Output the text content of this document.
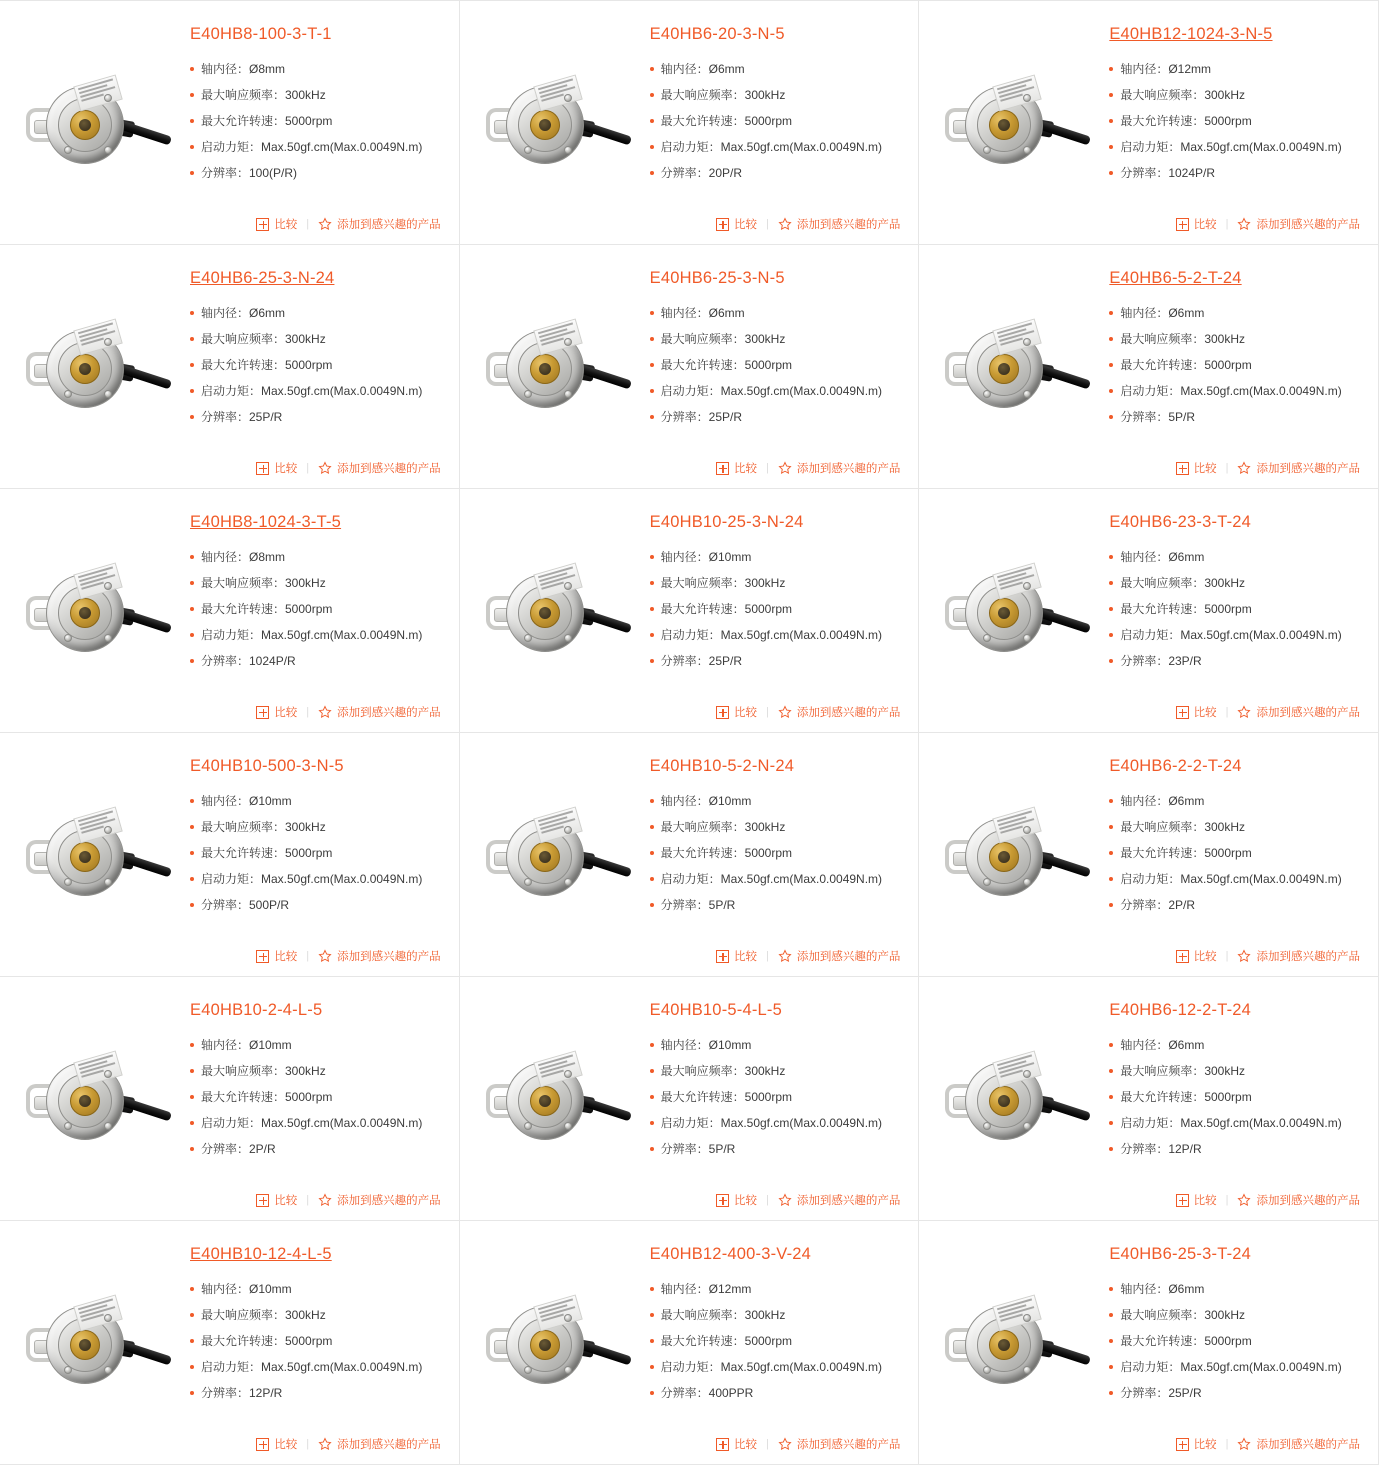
E40HB8-100-3-T-1
轴内径：Ø8mm
最大响应频率：300kHz
最大允许转速：5000rpm
启动力矩：Max.50gf.cm(Max.0.0049N.m)
分辨率：100(P/R)
比较 | 添加到感兴趣的产品
E40HB6-20-3-N-5
轴内径：Ø6mm
最大响应频率：300kHz
最大允许转速：5000rpm
启动力矩：Max.50gf.cm(Max.0.0049N.m)
分辨率：20P/R
比较 | 添加到感兴趣的产品
E40HB12-1024-3-N-5
轴内径：Ø12mm
最大响应频率：300kHz
最大允许转速：5000rpm
启动力矩：Max.50gf.cm(Max.0.0049N.m)
分辨率：1024P/R
比较 | 添加到感兴趣的产品
E40HB6-25-3-N-24
轴内径：Ø6mm
最大响应频率：300kHz
最大允许转速：5000rpm
启动力矩：Max.50gf.cm(Max.0.0049N.m)
分辨率：25P/R
比较 | 添加到感兴趣的产品
E40HB6-25-3-N-5
轴内径：Ø6mm
最大响应频率：300kHz
最大允许转速：5000rpm
启动力矩：Max.50gf.cm(Max.0.0049N.m)
分辨率：25P/R
比较 | 添加到感兴趣的产品
E40HB6-5-2-T-24
轴内径：Ø6mm
最大响应频率：300kHz
最大允许转速：5000rpm
启动力矩：Max.50gf.cm(Max.0.0049N.m)
分辨率：5P/R
比较 | 添加到感兴趣的产品
E40HB8-1024-3-T-5
轴内径：Ø8mm
最大响应频率：300kHz
最大允许转速：5000rpm
启动力矩：Max.50gf.cm(Max.0.0049N.m)
分辨率：1024P/R
比较 | 添加到感兴趣的产品
E40HB10-25-3-N-24
轴内径：Ø10mm
最大响应频率：300kHz
最大允许转速：5000rpm
启动力矩：Max.50gf.cm(Max.0.0049N.m)
分辨率：25P/R
比较 | 添加到感兴趣的产品
E40HB6-23-3-T-24
轴内径：Ø6mm
最大响应频率：300kHz
最大允许转速：5000rpm
启动力矩：Max.50gf.cm(Max.0.0049N.m)
分辨率：23P/R
比较 | 添加到感兴趣的产品
E40HB10-500-3-N-5
轴内径：Ø10mm
最大响应频率：300kHz
最大允许转速：5000rpm
启动力矩：Max.50gf.cm(Max.0.0049N.m)
分辨率：500P/R
比较 | 添加到感兴趣的产品
E40HB10-5-2-N-24
轴内径：Ø10mm
最大响应频率：300kHz
最大允许转速：5000rpm
启动力矩：Max.50gf.cm(Max.0.0049N.m)
分辨率：5P/R
比较 | 添加到感兴趣的产品
E40HB6-2-2-T-24
轴内径：Ø6mm
最大响应频率：300kHz
最大允许转速：5000rpm
启动力矩：Max.50gf.cm(Max.0.0049N.m)
分辨率：2P/R
比较 | 添加到感兴趣的产品
E40HB10-2-4-L-5
轴内径：Ø10mm
最大响应频率：300kHz
最大允许转速：5000rpm
启动力矩：Max.50gf.cm(Max.0.0049N.m)
分辨率：2P/R
比较 | 添加到感兴趣的产品
E40HB10-5-4-L-5
轴内径：Ø10mm
最大响应频率：300kHz
最大允许转速：5000rpm
启动力矩：Max.50gf.cm(Max.0.0049N.m)
分辨率：5P/R
比较 | 添加到感兴趣的产品
E40HB6-12-2-T-24
轴内径：Ø6mm
最大响应频率：300kHz
最大允许转速：5000rpm
启动力矩：Max.50gf.cm(Max.0.0049N.m)
分辨率：12P/R
比较 | 添加到感兴趣的产品
E40HB10-12-4-L-5
轴内径：Ø10mm
最大响应频率：300kHz
最大允许转速：5000rpm
启动力矩：Max.50gf.cm(Max.0.0049N.m)
分辨率：12P/R
比较 | 添加到感兴趣的产品
E40HB12-400-3-V-24
轴内径：Ø12mm
最大响应频率：300kHz
最大允许转速：5000rpm
启动力矩：Max.50gf.cm(Max.0.0049N.m)
分辨率：400PPR
比较 | 添加到感兴趣的产品
E40HB6-25-3-T-24
轴内径：Ø6mm
最大响应频率：300kHz
最大允许转速：5000rpm
启动力矩：Max.50gf.cm(Max.0.0049N.m)
分辨率：25P/R
比较 | 添加到感兴趣的产品
